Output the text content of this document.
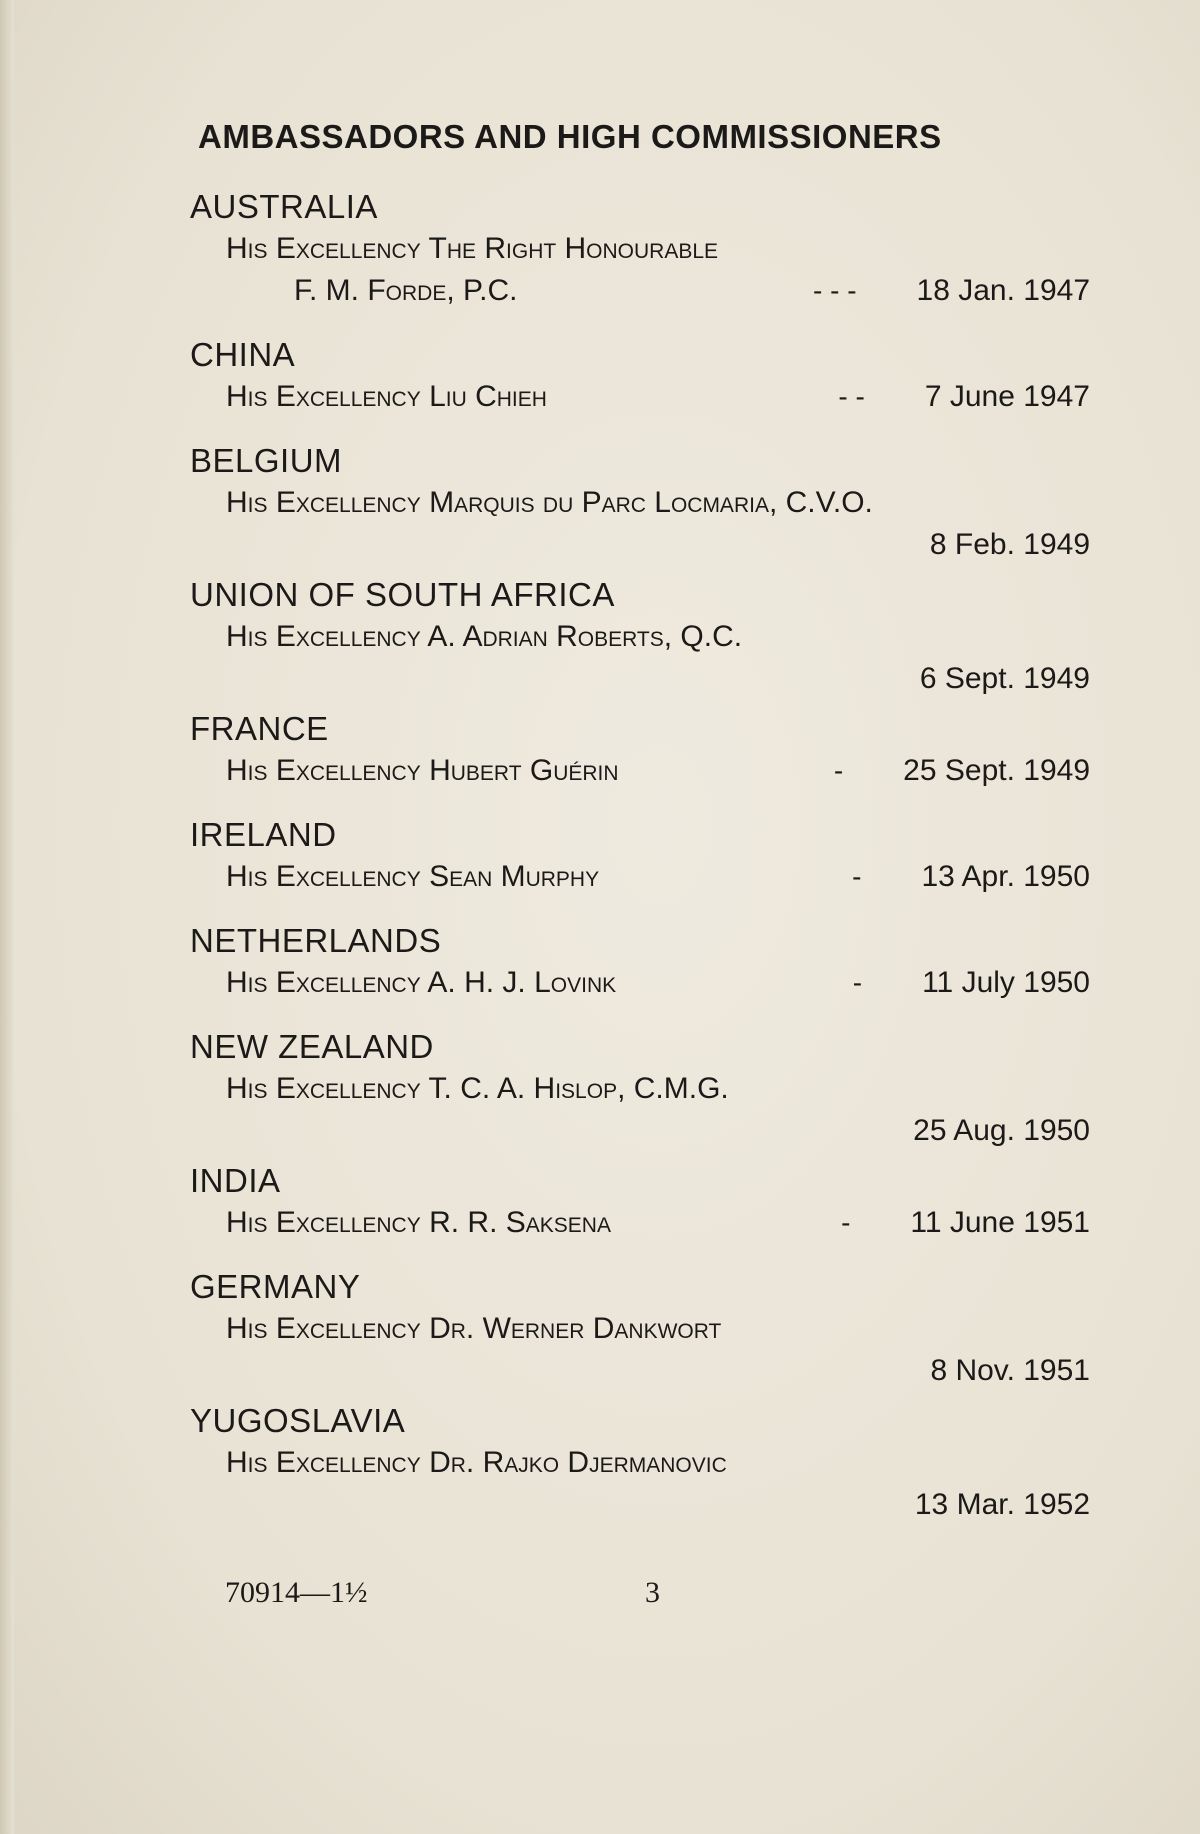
AMBASSADORS AND HIGH COMMISSIONERS
AUSTRALIA
His Excellency The Right Honourable
F. M. Forde, P.C.	- - - 18 Jan. 1947
CHINA
His Excellency Liu Chieh	- - 7 June 1947
BELGIUM
His Excellency Marquis du Parc Locmaria, C.V.O.
8 Feb. 1949
UNION OF SOUTH AFRICA
His Excellency A. Adrian Roberts, Q.C.
6 Sept. 1949
FRANCE
His Excellency Hubert Guérin	- 25 Sept. 1949
IRELAND
His Excellency Sean Murphy	- 13 Apr. 1950
NETHERLANDS
His Excellency A. H. J. Lovink	- 11 July 1950
NEW ZEALAND
His Excellency T. C. A. Hislop, C.M.G.
25 Aug. 1950
INDIA
His Excellency R. R. Saksena	- 11 June 1951
GERMANY
His Excellency Dr. Werner Dankwort
8 Nov. 1951
YUGOSLAVIA
His Excellency Dr. Rajko Djermanovic
13 Mar. 1952
70914—1½	3
